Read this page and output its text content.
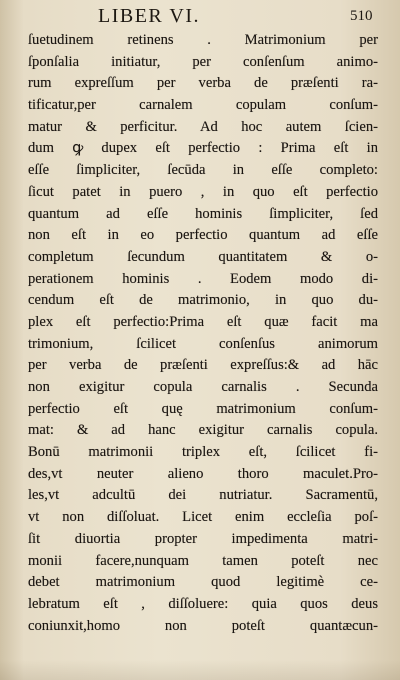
LIBER VI.	510
ſuetudinem retinens . Matrimonium per
ſponſalia initiatur, per conſenſum animo-
rum expreſſum per verba de præſenti ra-
tificatur,per carnalem copulam conſum-
matur & perficitur. Ad hoc autem ſcien-
dum ꝙ dupex eſt perfectio : Prima eſt in
eſſe ſimpliciter, ſecūda in eſſe completo:
ſicut patet in puero , in quo eſt perfectio
quantum ad eſſe hominis ſimpliciter, ſed
non eſt in eo perfectio quantum ad eſſe
completum ſecundum quantitatem & o-
perationem hominis . Eodem modo di-
cendum eſt de matrimonio, in quo du-
plex eſt perfectio:Prima eſt quæ facit ma
trimonium, ſcilicet conſenſus animorum
per verba de præſenti expreſſus:& ad hāc
non exigitur copula carnalis . Secunda
perfectio eſt quę matrimonium conſum-
mat: & ad hanc exigitur carnalis copula.
Bonū matrimonii triplex eſt, ſcilicet fi-
des,vt neuter alieno thoro maculet.Pro-
les,vt adcultū dei nutriatur. Sacramentū,
vt non diſſoluat. Licet enim eccleſia poſ-
ſit diuortia propter impedimenta matri-
monii facere,nunquam tamen poteſt nec
debet matrimonium quod legitimè ce-
lebratum eſt , diſſoluere: quia quos deus
coniunxit,homo non poteſt quantæcun-
